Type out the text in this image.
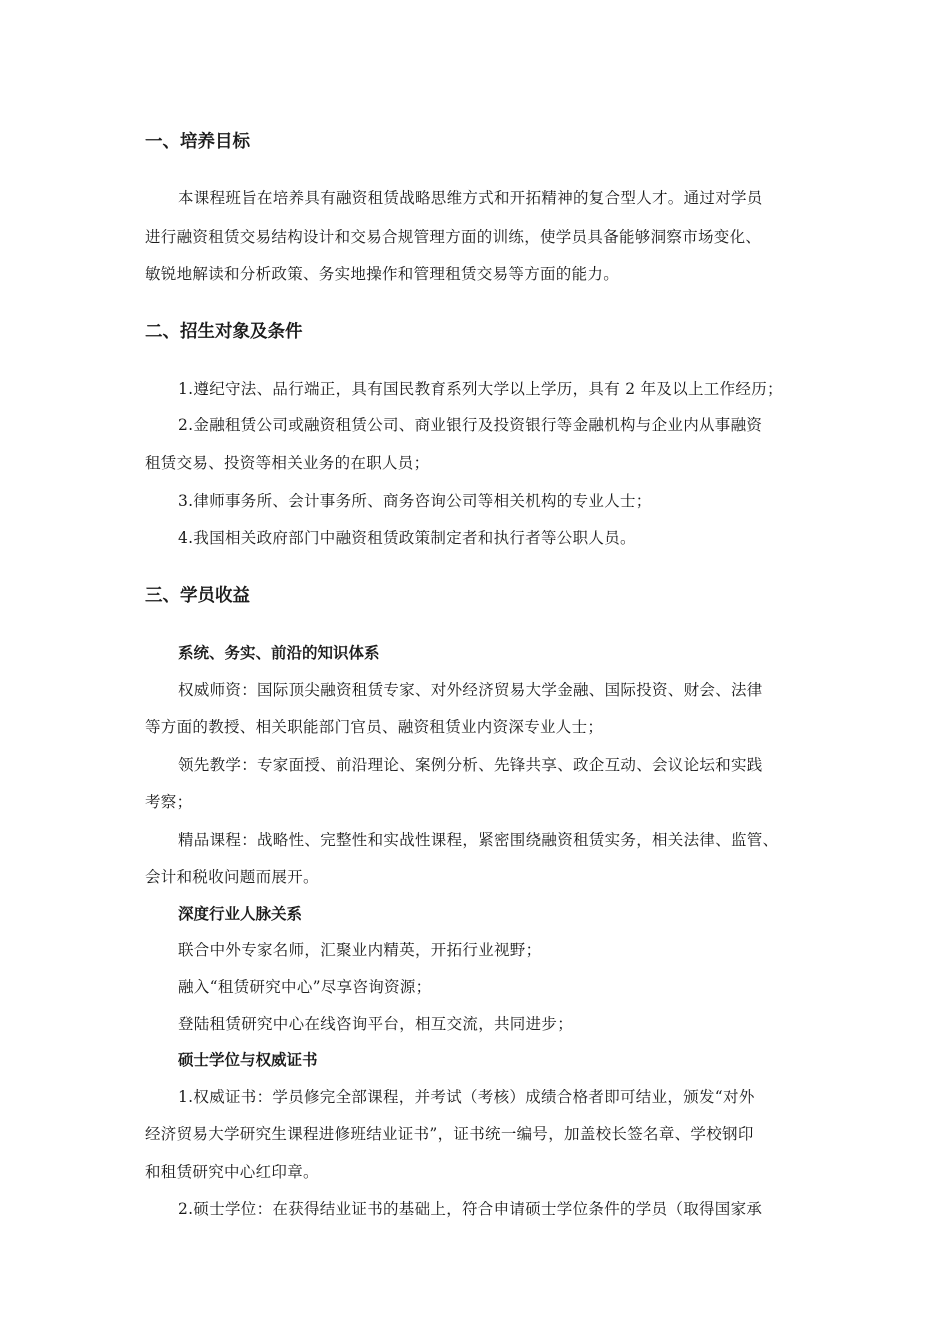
一、培养目标
本课程班旨在培养具有融资租赁战略思维方式和开拓精神的复合型人才。通过对学员
进行融资租赁交易结构设计和交易合规管理方面的训练，使学员具备能够洞察市场变化、
敏锐地解读和分析政策、务实地操作和管理租赁交易等方面的能力。
二、招生对象及条件
1.遵纪守法、品行端正，具有国民教育系列大学以上学历，具有 2 年及以上工作经历；
2.金融租赁公司或融资租赁公司、商业银行及投资银行等金融机构与企业内从事融资
租赁交易、投资等相关业务的在职人员；
3.律师事务所、会计事务所、商务咨询公司等相关机构的专业人士；
4.我国相关政府部门中融资租赁政策制定者和执行者等公职人员。
三、学员收益
系统、务实、前沿的知识体系
权威师资：国际顶尖融资租赁专家、对外经济贸易大学金融、国际投资、财会、法律
等方面的教授、相关职能部门官员、融资租赁业内资深专业人士；
领先教学：专家面授、前沿理论、案例分析、先锋共享、政企互动、会议论坛和实践
考察；
精品课程：战略性、完整性和实战性课程，紧密围绕融资租赁实务，相关法律、监管、
会计和税收问题而展开。
深度行业人脉关系
联合中外专家名师，汇聚业内精英，开拓行业视野；
融入“租赁研究中心”尽享咨询资源；
登陆租赁研究中心在线咨询平台，相互交流，共同进步；
硕士学位与权威证书
1.权威证书：学员修完全部课程，并考试（考核）成绩合格者即可结业，颁发“对外
经济贸易大学研究生课程进修班结业证书”，证书统一编号，加盖校长签名章、学校钢印
和租赁研究中心红印章。
2.硕士学位：在获得结业证书的基础上，符合申请硕士学位条件的学员（取得国家承
